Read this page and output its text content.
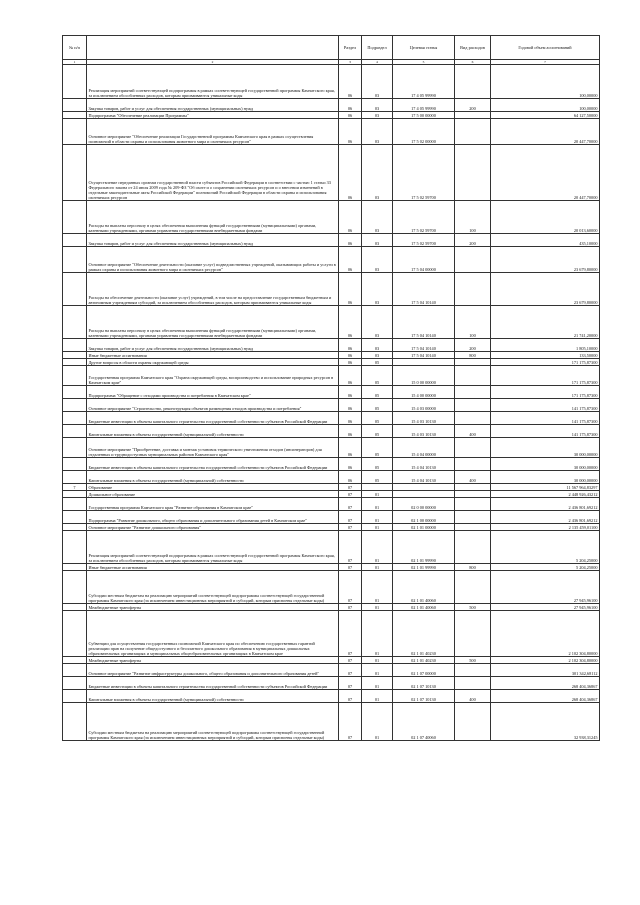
№ п/п		Раздел	Подраздел	Целевая статья	Вид расходов	Годовой объем ассигнований
1	2	3	4	5	6	7
	Реализация мероприятий соответствующей подпрограммы в рамках соответствующей государственной программы Камчатского края, за исключением обособленных расходов, которым присваиваются уникальные коды	06	03	17 4 05 99990		100,00000
	Закупка товаров, работ и услуг для обеспечения государственных (муниципальных) нужд	06	03	17 4 05 99990	200	100,00000
	Подпрограмма "Обеспечение реализации Программы"	06	03	17 5 00 00000		64 127,50000
	Основное мероприятие "Обеспечение реализации Государственной программы Камчатского края в рамках осуществления полномочий в области охраны и использования животного мира и охотничьих ресурсов"	06	03	17 5 02 00000		20 447,70000
	Осуществление переданных органам государственной власти субъектов Российской Федерации в соответствии с частью 1 статьи 33 Федерального закона от 24 июля 2009 года № 209-ФЗ "Об охоте и о сохранении охотничьих ресурсов и о внесении изменений в отдельные законодательные акты Российской Федерации" полномочий Российской Федерации в области охраны и использования охотничьих ресурсов	06	03	17 5 02 59700		20 447,70000
	Расходы на выплаты персоналу в целях обеспечения выполнения функций государственными (муниципальными) органами, казенными учреждениями, органами управления государственными внебюджетными фондами	06	03	17 5 02 59700	100	20 013,60000
	Закупка товаров, работ и услуг для обеспечения государственных (муниципальных) нужд	06	03	17 5 02 59700	200	435,10000
	Основное мероприятие "Обеспечение деятельности (оказание услуг) подведомственных учреждений, оказывающих работы и услуги в рамках охраны и использования животного мира и охотничьих ресурсов"	06	03	17 5 04 00000		23 679,80000
	Расходы на обеспечение деятельности (оказание услуг) учреждений, в том числе на предоставление государственным бюджетным и автономным учреждениям субсидий, за исключением обособленных расходов, которым присваиваются уникальные коды	06	03	17 5 04 10140		23 679,80000
	Расходы на выплаты персоналу в целях обеспечения выполнения функций государственными (муниципальными) органами, казенными учреждениями, органами управления государственными внебюджетными фондами	06	03	17 5 04 10140	100	21 741,20000
	Закупка товаров, работ и услуг для обеспечения государственных (муниципальных) нужд	06	03	17 5 04 10140	200	1 805,10000
	Иные бюджетные ассигнования	06	03	17 5 04 10140	800	133,50000
	Другие вопросы в области охраны окружающей среды	06	05			171 175,87300
	Государственная программа Камчатского края "Охрана окружающей среды, воспроизводство и использование природных ресурсов в Камчатском крае"	06	05	15 0 00 00000		171 175,87300
	Подпрограмма "Обращение с отходами производства и потребления в Камчатском крае"	06	05	15 4 00 00000		171 175,87300
	Основное мероприятие "Строительство, реконструкция объектов размещения отходов производства и потребления"	06	05	15 4 03 00000		141 175,87300
	Бюджетные инвестиции в объекты капитального строительства государственной собственности субъектов Российской Федерации	06	05	15 4 03 10130		141 175,87300
	Капитальные вложения в объекты государственной (муниципальной) собственности	06	05	15 4 03 10130	400	141 175,87300
	Основное мероприятие "Приобретение, доставка и монтаж установок термического уничтожения отходов (инсинераторов) для отдаленных и труднодоступных муниципальных районов Камчатского края"	06	05	15 4 04 00000		30 000,00000
	Бюджетные инвестиции в объекты капитального строительства государственной собственности субъектов Российской Федерации	06	05	15 4 04 10130		30 000,00000
	Капитальные вложения в объекты государственной (муниципальной) собственности	06	05	15 4 04 10130	400	30 000,00000
7	Образование	07				11 567 964,83297
	Дошкольное образование	07	01			2 448 926,43212
	Государственная программа Камчатского края "Развитие образования в Камчатском крае"	07	01	02 0 00 00000		2 436 801,69212
	Подпрограмма "Развитие дошкольного, общего образования и дополнительного образования детей в Камчатском крае"	07	01	02 1 00 00000		2 436 801,69212
	Основное мероприятие "Развитие дошкольного образования"	07	01	02 1 01 00000		2 135 459,01100
	Реализация мероприятий соответствующей подпрограммы в рамках соответствующей государственной программы Камчатского края, за исключением обособленных расходов, которым присваиваются уникальные коды	07	01	02 1 01 99990		5 204,25000
	Иные бюджетные ассигнования	07	01	02 1 01 99990	800	5 204,25000
	Субсидии местным бюджетам на реализацию мероприятий соответствующей подпрограммы соответствующей государственной программы Камчатского края (за исключением инвестиционных мероприятий и субсидий, которым присвоены отдельные коды)	07	01	02 1 01 40060		27 945,96100
	Межбюджетные трансферты	07	01	02 1 01 40060	500	27 945,96100
	Субвенции для осуществления государственных полномочий Камчатского края по обеспечению государственных гарантий реализации прав на получение общедоступного и бесплатного дошкольного образования в муниципальных дошкольных образовательных организациях и муниципальных общеобразовательных организациях в Камчатском крае	07	01	02 1 01 40230		2 102 304,80000
	Межбюджетные трансферты	07	01	02 1 01 40230	500	2 102 304,80000
	Основное мероприятие "Развитие инфраструктуры дошкольного, общего образования и дополнительного образования детей"	07	01	02 1 07 00000		301 342,68112
	Бюджетные инвестиции в объекты капитального строительства государственной собственности субъектов Российской Федерации	07	01	02 1 07 10130		268 404,36867
	Капитальные вложения в объекты государственной (муниципальной) собственности	07	01	02 1 07 10130	400	268 404,36867
	Субсидии местным бюджетам на реализацию мероприятий соответствующей подпрограммы соответствующей государственной программы Камчатского края (за исключением инвестиционных мероприятий и субсидий, которым присвоены отдельные коды)	07	01	02 1 07 40060		32 938,31245
